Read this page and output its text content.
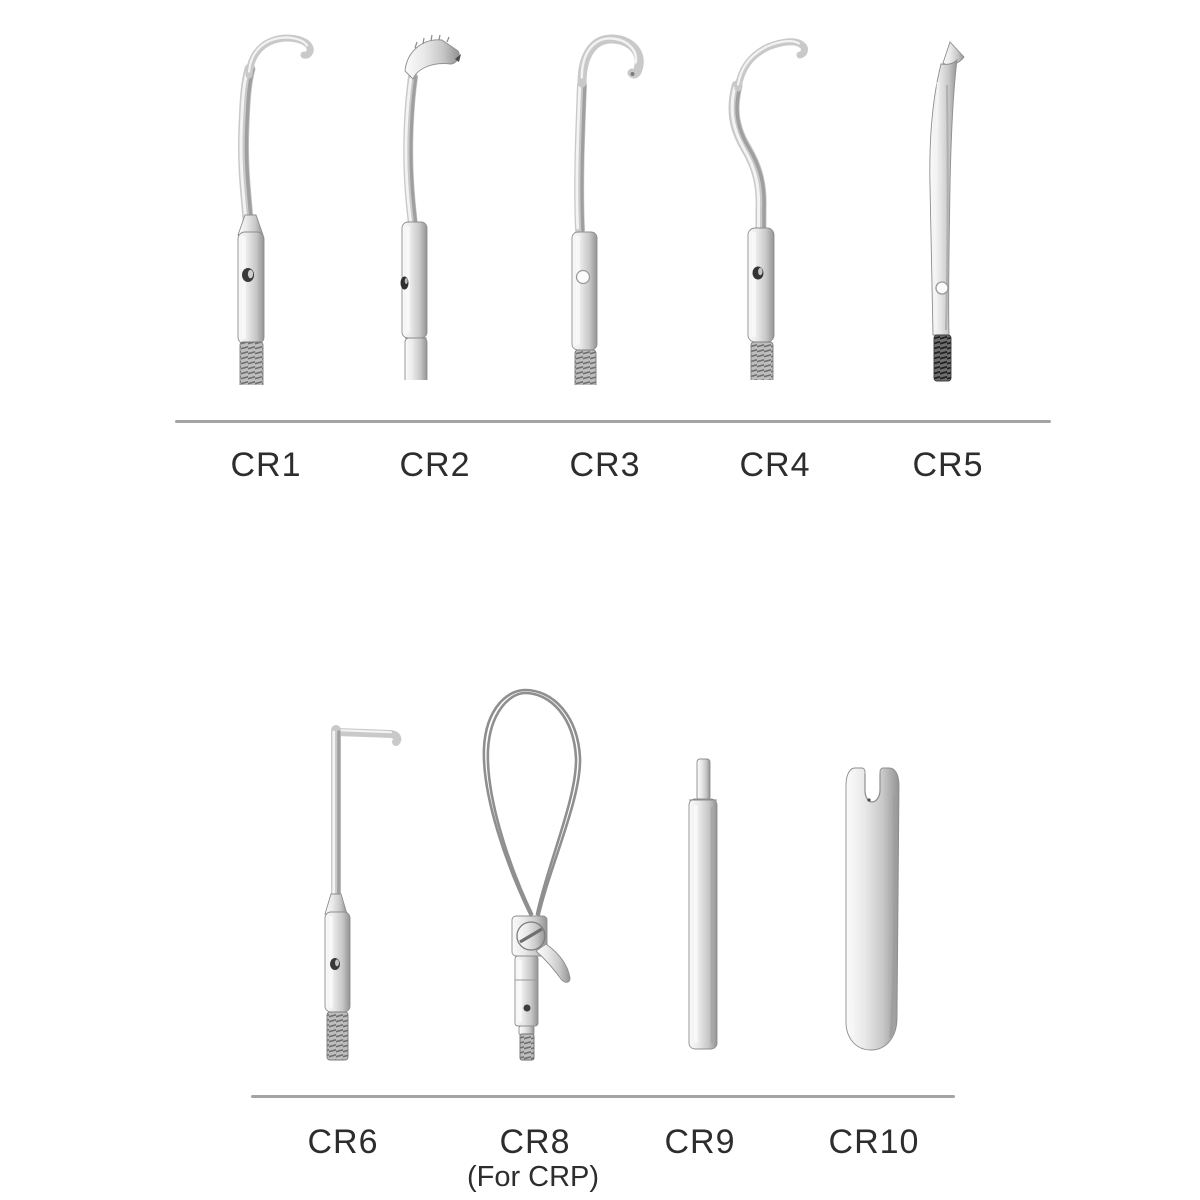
CR1	CR2	CR3	CR4	CR5
CR6	CR8
(For CRP)
CR9	CR10
